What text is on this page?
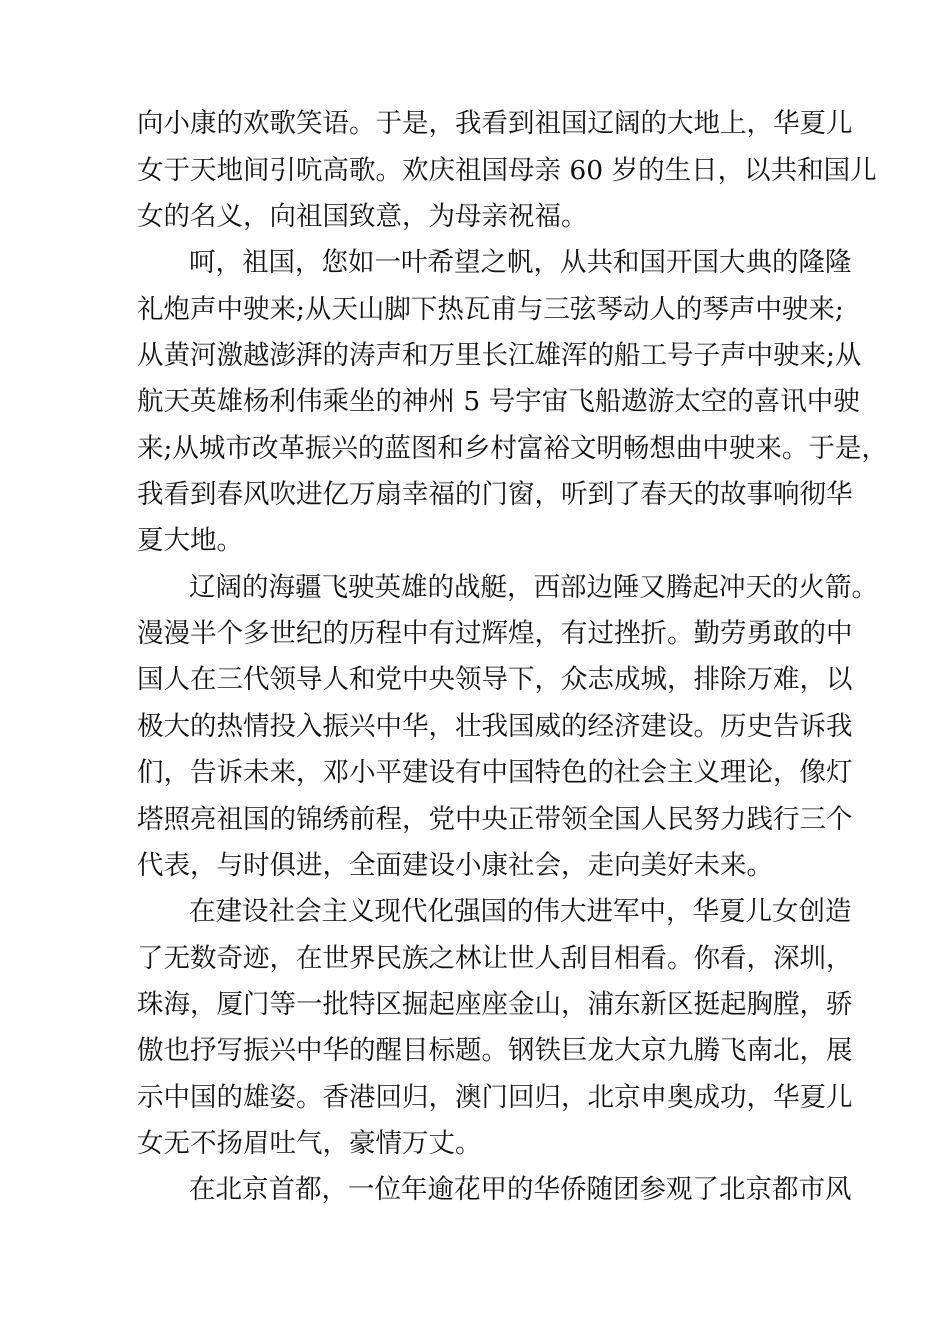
向小康的欢歌笑语。于是，我看到祖国辽阔的大地上，华夏儿
女于天地间引吭高歌。欢庆祖国母亲 60 岁的生日，以共和国儿
女的名义，向祖国致意，为母亲祝福。
呵，祖国，您如一叶希望之帆，从共和国开国大典的隆隆
礼炮声中驶来;从天山脚下热瓦甫与三弦琴动人的琴声中驶来;
从黄河激越澎湃的涛声和万里长江雄浑的船工号子声中驶来;从
航天英雄杨利伟乘坐的神州 5 号宇宙飞船遨游太空的喜讯中驶
来;从城市改革振兴的蓝图和乡村富裕文明畅想曲中驶来。于是，
我看到春风吹进亿万扇幸福的门窗，听到了春天的故事响彻华
夏大地。
辽阔的海疆飞驶英雄的战艇，西部边陲又腾起冲天的火箭。
漫漫半个多世纪的历程中有过辉煌，有过挫折。勤劳勇敢的中
国人在三代领导人和党中央领导下，众志成城，排除万难，以
极大的热情投入振兴中华，壮我国威的经济建设。历史告诉我
们，告诉未来，邓小平建设有中国特色的社会主义理论，像灯
塔照亮祖国的锦绣前程，党中央正带领全国人民努力践行三个
代表，与时俱进，全面建设小康社会，走向美好未来。
在建设社会主义现代化强国的伟大进军中，华夏儿女创造
了无数奇迹，在世界民族之林让世人刮目相看。你看，深圳，
珠海，厦门等一批特区掘起座座金山，浦东新区挺起胸膛，骄
傲也抒写振兴中华的醒目标题。钢铁巨龙大京九腾飞南北，展
示中国的雄姿。香港回归，澳门回归，北京申奥成功，华夏儿
女无不扬眉吐气，豪情万丈。
在北京首都，一位年逾花甲的华侨随团参观了北京都市风
